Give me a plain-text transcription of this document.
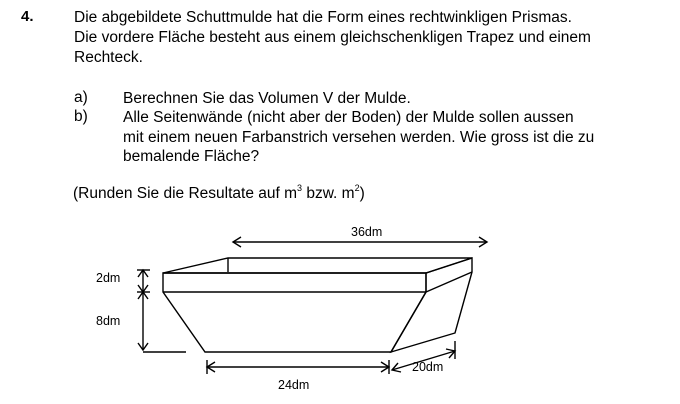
4.	Die abgebildete Schuttmulde hat die Form eines rechtwinkligen Prismas.
Die vordere Fläche besteht aus einem gleichschenkligen Trapez und einem
Rechteck.
a) Berechnen Sie das Volumen V der Mulde.
b) Alle Seitenwände (nicht aber der Boden) der Mulde sollen aussen
mit einem neuen Farbanstrich versehen werden. Wie gross ist die zu
bemalende Fläche?
(Runden Sie die Resultate auf $m^3$ bzw. $m^2$)
36dm
2dm
8dm
24dm
20dm
